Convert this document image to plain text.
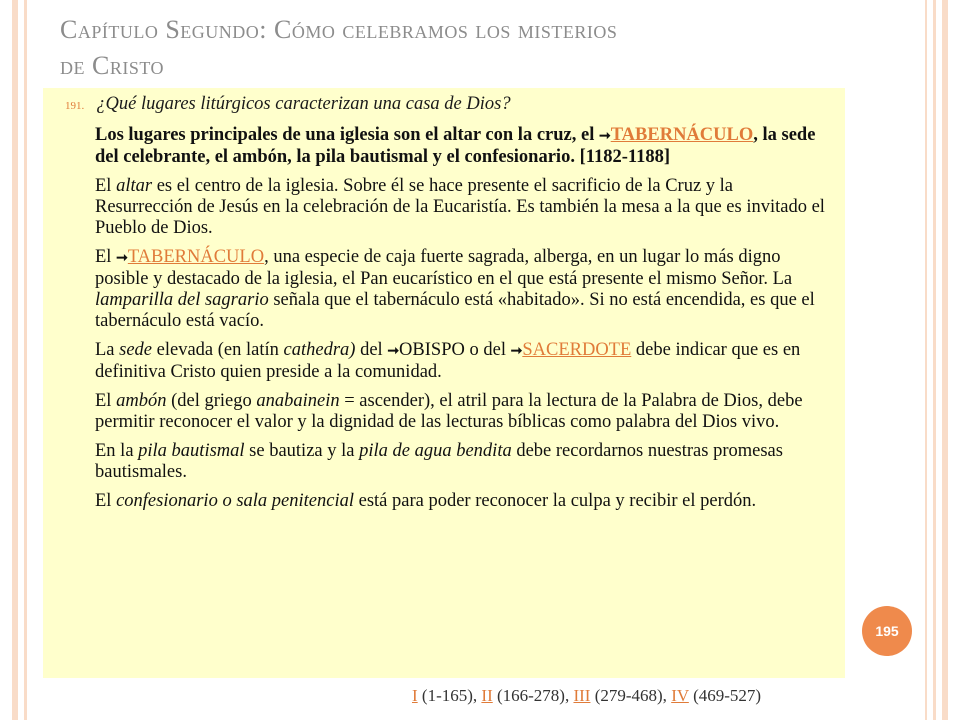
Capítulo Segundo: Cómo celebramos los misterios
de Cristo
191. ¿Qué lugares litúrgicos caracterizan una casa de Dios?
Los lugares principales de una iglesia son el altar con la cruz, el ➞TABERNÁCULO, la sede del celebrante, el ambón, la pila bautismal y el confesionario. [1182-1188]
El altar es el centro de la iglesia. Sobre él se hace presente el sacrificio de la Cruz y la Resurrección de Jesús en la celebración de la Eucaristía. Es también la mesa a la que es invitado el Pueblo de Dios.
El ➞TABERNÁCULO, una especie de caja fuerte sagrada, alberga, en un lugar lo más digno posible y destacado de la iglesia, el Pan eucarístico en el que está presente el mismo Señor. La lamparilla del sagrario señala que el tabernáculo está «habitado». Si no está encendida, es que el tabernáculo está vacío.
La sede elevada (en latín cathedra) del ➞OBISPO o del ➞SACERDOTE debe indicar que es en definitiva Cristo quien preside a la comunidad.
El ambón (del griego anabainein = ascender), el atril para la lectura de la Palabra de Dios, debe permitir reconocer el valor y la dignidad de las lecturas bíblicas como palabra del Dios vivo.
En la pila bautismal se bautiza y la pila de agua bendita debe recordarnos nuestras promesas bautismales.
El confesionario o sala penitencial está para poder reconocer la culpa y recibir el perdón.
195
I (1-165), II (166-278), III (279-468), IV (469-527)
